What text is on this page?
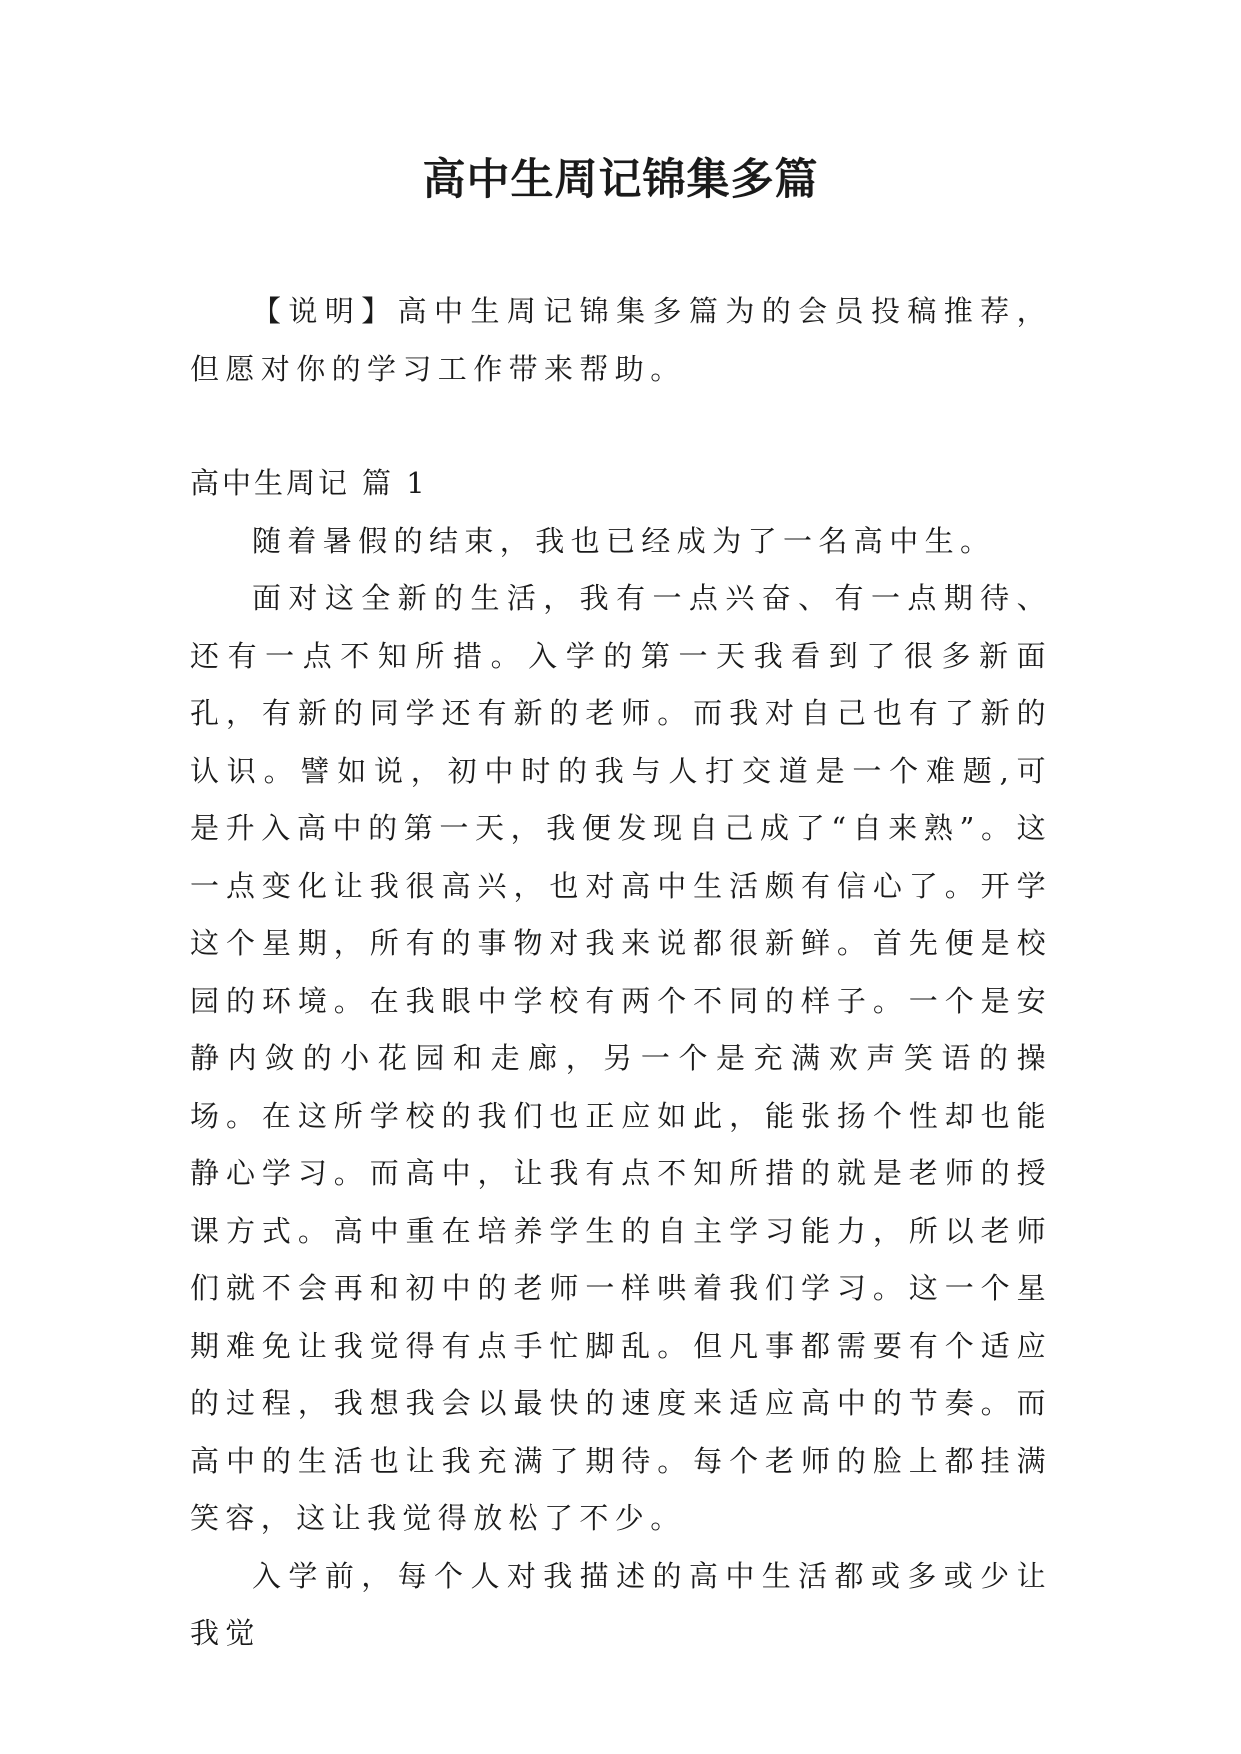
高中生周记锦集多篇

【说明】高中生周记锦集多篇为的会员投稿推荐，但愿对你的学习工作带来帮助。

高中生周记 篇 1

随着暑假的结束，我也已经成为了一名高中生。

面对这全新的生活，我有一点兴奋、有一点期待、还有一点不知所措。入学的第一天我看到了很多新面孔，有新的同学还有新的老师。而我对自己也有了新的认识。譬如说，初中时的我与人打交道是一个难题,可是升入高中的第一天，我便发现自己成了“自来熟”。这一点变化让我很高兴，也对高中生活颇有信心了。开学这个星期，所有的事物对我来说都很新鲜。首先便是校园的环境。在我眼中学校有两个不同的样子。一个是安静内敛的小花园和走廊，另一个是充满欢声笑语的操场。在这所学校的我们也正应如此，能张扬个性却也能静心学习。而高中，让我有点不知所措的就是老师的授课方式。高中重在培养学生的自主学习能力，所以老师们就不会再和初中的老师一样哄着我们学习。这一个星期难免让我觉得有点手忙脚乱。但凡事都需要有个适应的过程，我想我会以最快的速度来适应高中的节奏。而高中的生活也让我充满了期待。每个老师的脸上都挂满笑容，这让我觉得放松了不少。

入学前，每个人对我描述的高中生活都或多或少让我觉
